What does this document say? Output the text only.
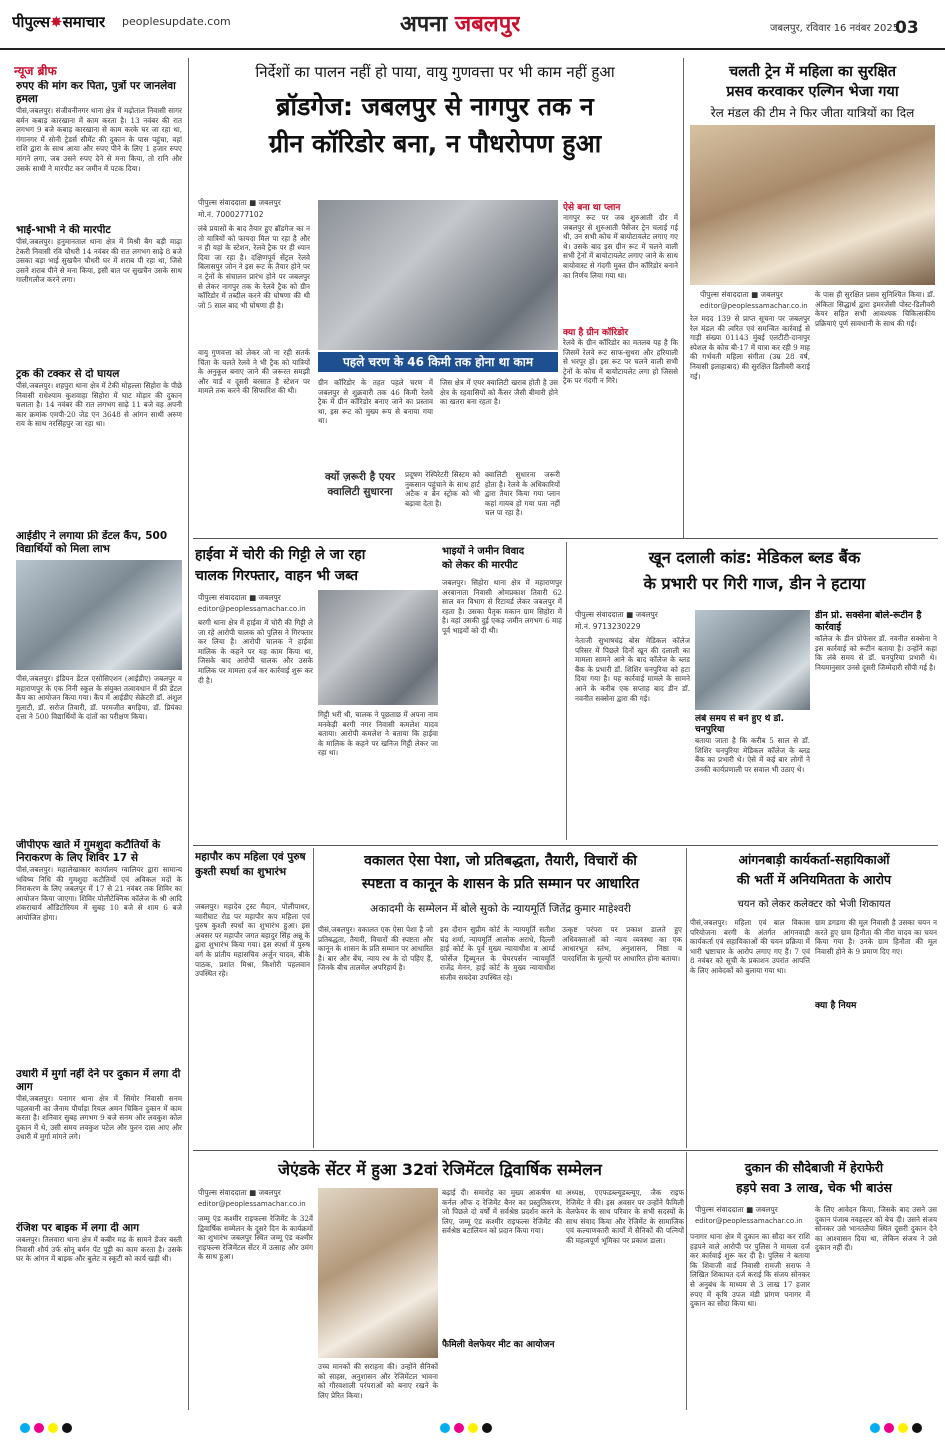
पीपुल्स✸समाचार peoplesupdate.com	अपना जबलपुर	जबलपुर, रविवार 16 नवंबर 2025
03
न्यूज ब्रीफ
रुपए की मांग कर पिता, पुत्रों पर जानलेवा हमला
पीसं,जबलपुर। संजीवनीनगर थाना क्षेत्र में मढ़ोताल निवासी सागर बर्मन कबाड़ कारखाना में काम करता है। 13 नवंबर की रात लगभग 9 बजे कबाड़ कारखाना से काम करके घर जा रहा था, गंगानगर में सोनी ट्रेडर्स सीमेंट की दुकान के पास पहुंचा, वहां राशि द्वारा के साथ आया और रुपए पीने के लिए 1 हजार रुपए मांगने लगा, जब उसने रुपए देने से मना किया, तो रानि और उसके साथी ने मारपीट कर जमीन में पटक दिया।
भाई-भाभी ने की मारपीट
पीसं,जबलपुर। हनुमानताल थाना क्षेत्र में मिश्री बैग बड़ी माढ़ा टेकरी निवासी रवि चौधरी 14 नवंबर की रात लगभग साढ़े 8 बजे उसका बड़ा भाई सुखचैन चौधरी घर में शराब पी रहा था, जिसे उसने शराब पीने से मना किया, इसी बात पर सुखचैन उसके साथ गालीगलौज करने लगा।
ट्रक की टक्कर से दो घायल
पीसं,जबलपुर। शहपुरा थाना क्षेत्र में टेकी मोहल्ला सिहोरा के पीछे निवासी राधेश्याम कुशवाहा सिहोरा में घाट मोड़ार की दुकान चलाता है। 14 नवंबर की रात लगभग साढ़े 11 बजे वह अपनी कार क्रमांक एमपी-20 जेड एन 3648 से आंगन साथी अरुण राय के साथ नरसिंहपुर जा रहा था।
आईडीए ने लगाया फ्री डेंटल कैंप, 500 विद्यार्थियों को मिला लाभ
पीसं,जबलपुर। इंडियन डेंटल एसोसिएशन (आईडीए) जबलपुर व महाराणपुर के एक निनी स्कूल के संयुक्त तत्वावधान में फ्री डेंटल कैंप का आयोजन किया गया। कैंप में आईडीए सेक्रेटरी डॉ. अंशुल गुलाटी, डॉ. सरोज तिवारी, डॉ. परमजीत बगड़िया, डॉ. प्रियंका दत्ता ने 500 विद्यार्थियों के दांतों का परीक्षण किया।
जीपीएफ खाते में गुमशुदा कटौतियों के निराकरण के लिए शिविर 17 से
पीसं,जबलपुर। महालेखाकार कार्यालय ग्वालियर द्वारा सामान्य भविष्य निधि की गुमशुदा कटौतियों एवं अविकल मदों के निराकरण के लिए जबलपुर में 17 से 21 नवंबर तक शिविर का आयोजन किया जाएगा। शिविर पोलीटेक्निक कॉलेज के श्री आदि शंकराचार्य ऑडिटोरियम में सुबह 10 बजे से शाम 6 बजे आयोजित होगा।
उधारी में मुर्गा नहीं देने पर दुकान में लगा दी आग
पीसं,जबलपुर। पनागर थाना क्षेत्र में सिमोर निवासी सनम पहलवानी का जैनाम पौर्याड़ा रियल अमन चिकिन दुकान में काम करता है। शनिवार सुबह लगभग 9 बजे सनम और लवकुश कोल दुकान में थे, उसी समय लवकुश पटेल और फुरन दास आए और उधारी में मुर्गा मांगने लगे।
रंजिश पर बाइक में लगा दी आग
जबलपुर। तिलवारा थाना क्षेत्र में कबीर मढ़ के सामने डेंजर बस्ती निवासी शौर्य उर्फ सोनू बर्मन पेंट पुट्टी का काम करता है। उसके घर के आंगन में बाइक और बुलेट व स्कूटी को कार्य खड़ी थी।
निर्देशों का पालन नहीं हो पाया, वायु गुणवत्ता पर भी काम नहीं हुआ
ब्रॉडगेज: जबलपुर से नागपुर तक न
ग्रीन कॉरिडोर बना, न पौधरोपण हुआ
पीपुल्स संवाददाता ■ जबलपुर
मो.नं. 7000277102
लंबे प्रयासों के बाद तैयार हुए ब्रॉडगेज का न तो यात्रियों को फायदा मिल पा रहा है और न ही यहां के स्टेशन, रेलवे ट्रैक पर ही ध्यान दिया जा रहा है। दक्षिणपूर्व सेंट्रल रेलवे बिलासपुर जोन ने इस रूट के तैयार होने पर न ट्रेनों के संचालन प्रारंभ होने पर जबलपुर से लेकर नागपुर तक के रेलवे ट्रैक को ग्रीन कॉरिडोर में तब्दील करने की घोषणा की थी जो 5 साल बाद भी घोषणा ही है।
वायु गुणवत्ता को लेकर जो ना रही सतर्क चिंता के चलते रेलवे ने भी ट्रैक को यात्रियों के अनुकूल बनाए जाने की जरूरत समझी और यार्ड व दूसरी बरसात है स्टेशन पर मामले तक करने की सिफारिश की थी।
पहले चरण के 46 किमी तक होना था काम
ग्रीन कॉरिडोर के तहत पहले चरण में जबलपुर से शुक्रवारी तक 46 किमी रेलवे ट्रैक में ग्रीन कॉरिडोर बनाए जाने का प्रस्ताव था, इस रूट को मुख्य रूप से बनाया गया था।
जिस क्षेत्र में एयर क्वालिटी खराब होती है उस क्षेत्र के रहवासियों को कैंसर जैसी बीमारी होने का खतरा बना रहता है।
ऐसे बना था प्लान
नागपुर रूट पर जब शुरुआती दौर में जबलपुर से शुरुआती पैसेंजर ट्रेन चलाई गई थी, उन सभी कोच में बायोटायलेट लगाए गए थे। उसके बाद इस ग्रीन रूट में चलने वाली सभी ट्रेनों में बायोटायलेट लगाए जाने के साथ बायोवास्ट से गंदगी मुक्त ग्रीन कॉरिडोर बनाने का निर्णय लिया गया था।
क्या है ग्रीन कॉरिडोर
रेलवे के ग्रीन कॉरिडोर का मतलब यह है कि जिसमें रेलवे रूट साफ-सुथरा और हरियाली से भरपूर हो। इस रूट पर चलने वाली सभी ट्रेनों के कोच में बायोटायलेट लगा हो जिससे ट्रैक पर गंदगी न गिरे।
क्यों ज़रूरी है एयर क्वालिटी सुधारना
प्रदूषण रेस्पिरेटरी सिस्टम को नुकसान पहुंचाने के साथ हार्ट अटैक व ब्रेन स्ट्रोक को भी बढ़ावा देता है।
क्वालिटी सुधारना जरूरी होता है। रेलवे के अधिकारियों द्वारा तैयार किया गया प्लान कहां गायब हो गया पता नहीं चल पा रहा है।
चलती ट्रेन में महिला का सुरक्षित
प्रसव करवाकर एल्गिन भेजा गया
रेल मंडल की टीम ने फिर जीता यात्रियों का दिल
पीपुल्स संवाददाता ■ जबलपुर
editor@peoplessamachar.co.in
रेल मदद 139 से प्राप्त सूचना पर जबलपुर रेल मंडल की त्वरित एवं समन्वित कार्रवाई से गाड़ी संख्या 01143 मुंबई एलटीटी-दानापुर स्पेशल के कोच बी-17 में यात्रा कर रही 9 माह की गर्भवती महिला संगीता (उम्र 28 वर्ष, निवासी इलाहाबाद) की सुरक्षित डिलीवरी कराई गई।
के पास ही सुरक्षित प्रसव सुनिश्चित किया। डॉ. अंकिता सिद्धार्थ द्वारा इमरजेंसी पोस्ट-डिलीवरी केयर सहित सभी आवश्यक चिकित्सकीय प्रक्रियाएं पूर्ण सावधानी के साथ की गईं।
हाईवा में चोरी की गिट्टी ले जा रहा
चालक गिरफ्तार, वाहन भी जब्त
पीपुल्स संवाददाता ■ जबलपुर
editor@peoplessamachar.co.in
बरगी थाना क्षेत्र में हाईवा में चोरी की गिट्टी ले जा रहे आरोपी चालक को पुलिस ने गिरफ्तार कर लिया है। आरोपी चालक ने हाईवा मालिक के कहने पर यह काम किया था, जिसके बाद आरोपी चालक और उसके मालिक पर मामला दर्ज कर कार्रवाई शुरू कर दी है।
गिट्टी भरी थी, चालक ने पूछताछ में अपना नाम मनकेड़ी बरगी नगर निवासी कमलेश यादव बताया। आरोपी कमलेश ने बताया कि हाईवा के मालिक के कहने पर खनिज गिट्टी लेकर जा रहा था।
भाइयों ने जमीन विवाद
को लेकर की मारपीट
जबलपुर। सिहोरा थाना क्षेत्र में महाराणपुर अरबानाता निवासी ओमप्रकाश तिवारी 62 साल वन विभाग से रिटायर्ड लेकर जबलपुर में रहता है। उसका पैतृक मकान ग्राम सिहोरा में है। वहां उसकी दुई एकड़ जमीन लगभग 6 माह पूर्व भाइयों को दी थी।
खून दलाली कांड: मेडिकल ब्लड बैंक
के प्रभारी पर गिरी गाज, डीन ने हटाया
पीपुल्स संवाददाता ■ जबलपुर
मो.नं. 9713230229
नेताजी सुभाषचंद्र बोस मेडिकल कॉलेज परिसर में पिछले दिनों खून की दलाली का मामला सामने आने के बाद कॉलेज के ब्लड बैंक के प्रभारी डॉ. शिशिर चनपुरिया को हटा दिया गया है। यह कार्रवाई मामले के सामने आने के करीब एक सप्ताह बाद डीन डॉ. नवनीत सक्सेना द्वारा की गई।
लंबे समय से बने हुए थे डॉ. चनपुरिया
बताया जाता है कि करीब 5 साल से डॉ. शिशिर चनपुरिया मेडिकल कॉलेज के ब्लड बैंक का प्रभारी थे। ऐसे में कई बार लोगों ने उनकी कार्यप्रणाली पर सवाल भी उठाए थे।
डीन प्रो. सक्सेना बोले-रूटीन है कार्रवाई
कॉलेज के डीन प्रोफेसर डॉ. नवनीत सक्सेना ने इस कार्रवाई को रूटीन बताया है। उन्होंने कहा कि लंबे समय से डॉ. चनपुरिया प्रभारी थे। नियमानुसार उनसे दूसरी जिम्मेदारी सौंपी गई है।
महापौर कप महिला एवं पुरुष कुश्ती स्पर्धा का शुभारंभ
जबलपुर। महादेव ट्रस्ट मैदान, पोलीपाथर, ग्वारीघाट रोड पर महापौर कप महिला एवं पुरुष कुश्ती स्पर्धा का शुभारंभ हुआ। इस अवसर पर महापौर जगत बहादुर सिंह अन्नू के द्वारा शुभारंभ किया गया। इस स्पर्धा में पुरुष वर्ग के प्रांतीय महासचिव अर्जुन यादव, बीके पाठक, प्रशांत मिश्रा, किशोरी पहलवान उपस्थित रहे।
वकालत ऐसा पेशा, जो प्रतिबद्धता, तैयारी, विचारों की
स्पष्टता व कानून के शासन के प्रति सम्मान पर आधारित
अकादमी के सम्मेलन में बोले सुको के न्यायमूर्ति जितेंद्र कुमार माहेश्वरी
पीसं,जबलपुर। वकालत एक ऐसा पेशा है जो प्रतिबद्धता, तैयारी, विचारों की स्पष्टता और कानून के शासन के प्रति सम्मान पर आधारित है। बार और बेंच, न्याय रथ के दो पहिए हैं, जिनके बीच तालमेल अपरिहार्य है।
इस दौरान सुप्रीम कोर्ट के न्यायमूर्ति सतीश चंद्र शर्मा, न्यायमूर्ति आलोक अराधे, दिल्ली हाई कोर्ट के पूर्व मुख्य न्यायाधीश व आर्म्ड फोर्सेज ट्रिब्यूनल के चेयरपर्सन न्यायमूर्ति राजेंद्र मेनन, हाई कोर्ट के मुख्य न्यायाधीश संजीव सचदेवा उपस्थित रहे।
उत्कृष्ट परंपरा पर प्रकाश डालते हुए अधिवक्ताओं को न्याय व्यवस्था का एक आधारभूत स्तंभ, अनुशासन, निष्ठा व पारदर्शिता के मूल्यों पर आधारित होना बताया।
आंगनबाड़ी कार्यकर्ता-सहायिकाओं
की भर्ती में अनियमितता के आरोप
चयन को लेकर कलेक्टर को भेजी शिकायत
पीसं,जबलपुर। महिला एवं बाल विकास परियोजना बरगी के अंतर्गत आंगनवाड़ी कार्यकर्ता एवं सहायिकाओं की चयन प्रक्रिया में भारी भ्रष्टाचार के आरोप लगाए गए हैं। 7 एवं 8 नवंबर को सूची के प्रकाशन उपरांत आपत्ति के लिए आवेदकों को बुलाया गया था।
ग्राम डगडगा की मूल निवासी है उसका चयन न करते हुए ग्राम हिनौता की नीरा यादव का चयन किया गया है। उनके ग्राम हिनौता की मूल निवासी होने के 9 प्रमाण दिए गए।
क्या है नियम
जेएंडके सेंटर में हुआ 32वां रेजिमेंटल द्विवार्षिक सम्मेलन
पीपुल्स संवाददाता ■ जबलपुर
editor@peoplessamachar.co.in
जम्मू एंड कश्मीर राइफल्स रेजिमेंट के 32वें द्विवार्षिक सम्मेलन के दूसरे दिन के कार्यक्रमों का शुभारंभ जबलपुर स्थित जम्मू एंड कश्मीर राइफल्स रेजिमेंटल सेंटर में उत्साह और उमंग के साथ हुआ।
उच्च मानकों की सराहना की। उन्होंने सैनिकों को साहस, अनुशासन और रेजिमेंटल भावना को गौरवशाली परंपराओं को बनाए रखने के लिए प्रेरित किया।
बढ़ाई दी। समारोह का मुख्य आकर्षण था कर्नल ऑफ द रेजिमेंट बैनर का प्रस्तुतिकरण, जो पिछले दो वर्षों में सर्वश्रेष्ठ प्रदर्शन करने के लिए, जम्मू एंड कश्मीर राइफल्स रेजिमेंट की सर्वश्रेष्ठ बटालियन को प्रदान किया गया।
फैमिली वेलफेयर मीट का आयोजन
अध्यक्ष, एएफडब्ल्यूडब्ल्यूए, जैक राइफ रेजिमेंट ने की। इस अवसर पर उन्होंने फैमिली वेलफेयर के साथ परिवार के सभी सदस्यों के साथ संवाद किया और रेजिमेंट के सामाजिक एवं कल्याणकारी कार्यों में सैनिकों की पत्नियों की महत्वपूर्ण भूमिका पर प्रकाश डाला।
दुकान की सौदेबाजी में हेराफेरी
हड़पे सवा 3 लाख, चेक भी बाउंस
पीपुल्स संवाददाता ■ जबलपुर
editor@peoplessamachar.co.in
पनागर थाना क्षेत्र में दुकान का सौदा कर राशि हड़पने वाले आरोपी पर पुलिस ने मामला दर्ज कर कार्रवाई शुरू कर दी है। पुलिस ने बताया कि शिवाजी वार्ड निवासी रामजी सराफ ने लिखित शिकायत दर्ज कराई कि संजय सोनकर से अनुबंध के माध्यम से 3 लाख 17 हजार रुपए में कृषि उपज मंडी प्रांगण पनागर में दुकान का सौदा किया था।
के लिए आवेदन किया, जिसके बाद उसने उस दुकान पंजाब नवहल्टर को बेच दी। उसने संजय सोनकर उसे भानतलैया स्थित दूसरी दुकान देने का आश्वासन दिया था, लेकिन संजय ने उसे दुकान नहीं दी।
